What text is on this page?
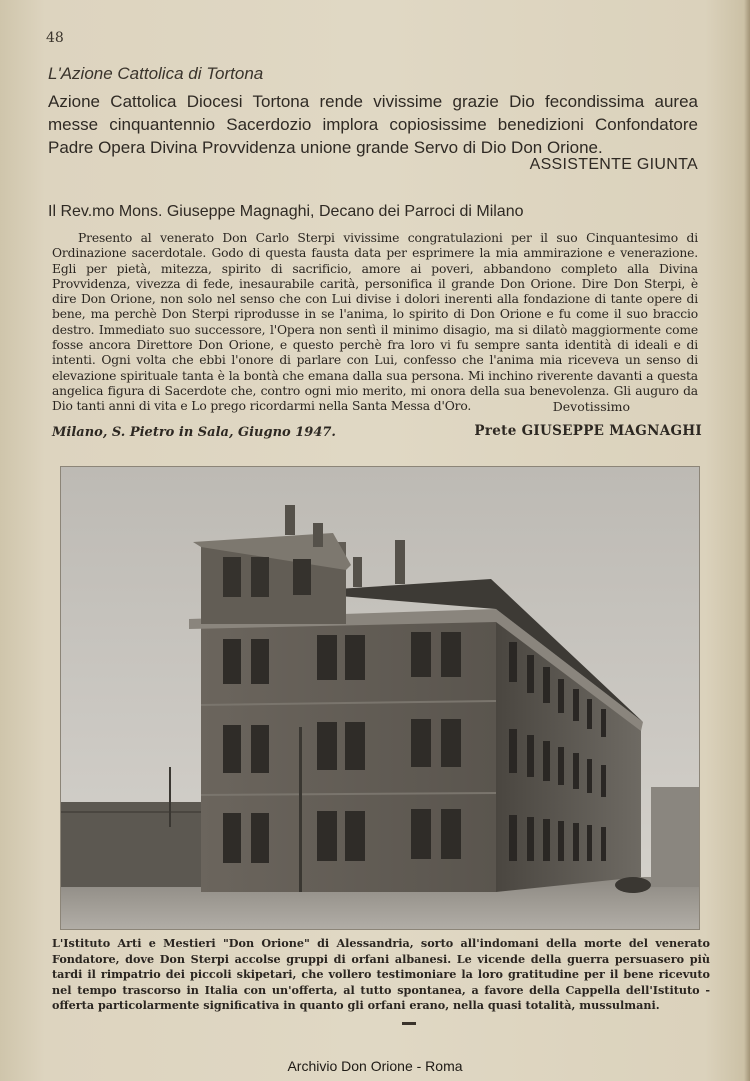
48
L'Azione Cattolica di Tortona
Azione Cattolica Diocesi Tortona rende vivissime grazie Dio fecondissima aurea messe cinquantennio Sacerdozio implora copiosissime benedizioni Confondatore Padre Opera Divina Provvidenza unione grande Servo di Dio Don Orione.
ASSISTENTE GIUNTA
Il Rev.mo Mons. Giuseppe Magnaghi, Decano dei Parroci di Milano
Presento al venerato Don Carlo Sterpi vivissime congratulazioni per il suo Cinquantesimo di Ordinazione sacerdotale. Godo di questa fausta data per esprimere la mia ammirazione e venerazione. Egli per pietà, mitezza, spirito di sacrificio, amore ai poveri, abbandono completo alla Divina Provvidenza, vivezza di fede, inesaurabile carità, personifica il grande Don Orione. Dire Don Sterpi, è dire Don Orione, non solo nel senso che con Lui divise i dolori inerenti alla fondazione di tante opere di bene, ma perchè Don Sterpi riprodusse in se l'anima, lo spirito di Don Orione e fu come il suo braccio destro. Immediato suo successore, l'Opera non sentì il minimo disagio, ma si dilatò maggiormente come fosse ancora Direttore Don Orione, e questo perchè fra loro vi fu sempre santa identità di ideali e di intenti. Ogni volta che ebbi l'onore di parlare con Lui, confesso che l'anima mia riceveva un senso di elevazione spirituale tanta è la bontà che emana dalla sua persona. Mi inchino riverente davanti a questa angelica figura di Sacerdote che, contro ogni mio merito, mi onora della sua benevolenza. Gli auguro da Dio tanti anni di vita e Lo prego ricordarmi nella Santa Messa d'Oro.	Devotissimo
Milano, S. Pietro in Sala, Giugno 1947.	Prete GIUSEPPE MAGNAGHI
L'Istituto Arti e Mestieri "Don Orione" di Alessandria, sorto all'indomani della morte del venerato Fondatore, dove Don Sterpi accolse gruppi di orfani albanesi. Le vicende della guerra persuasero più tardi il rimpatrio dei piccoli skipetari, che vollero testimoniare la loro gratitudine per il bene ricevuto nel tempo trascorso in Italia con un'offerta, al tutto spontanea, a favore della Cappella dell'Istituto - offerta particolarmente significativa in quanto gli orfani erano, nella quasi totalità, mussulmani.
Archivio Don Orione - Roma
